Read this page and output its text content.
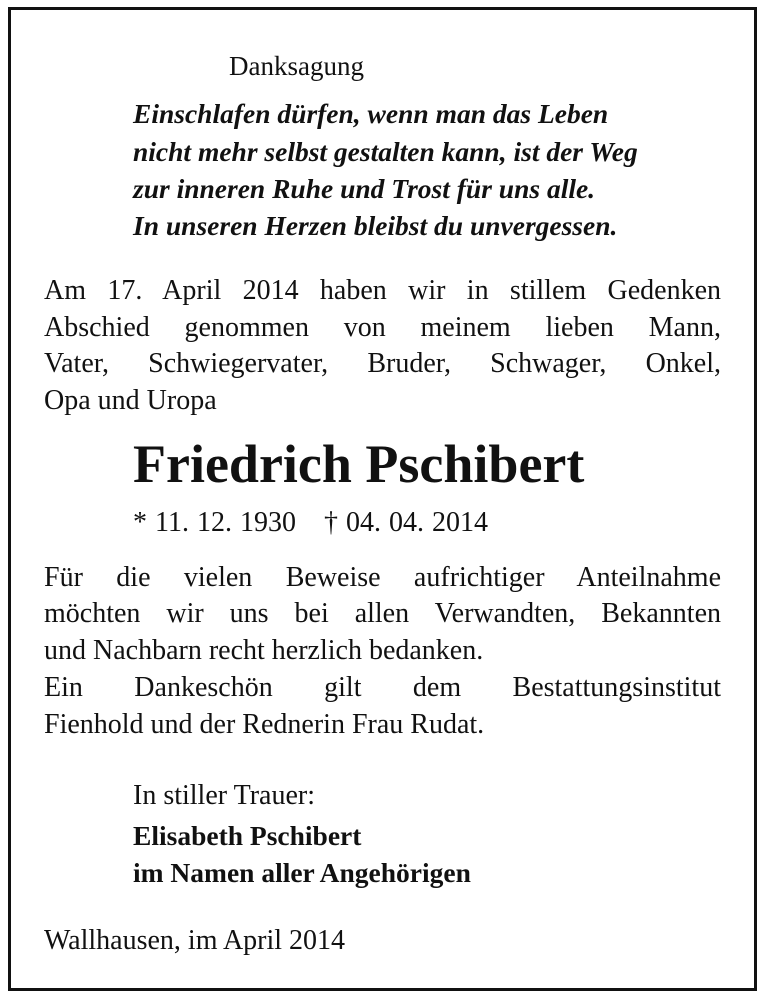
Danksagung
Einschlafen dürfen, wenn man das Leben
nicht mehr selbst gestalten kann, ist der Weg
zur inneren Ruhe und Trost für uns alle.
In unseren Herzen bleibst du unvergessen.
Am 17. April 2014 haben wir in stillem Gedenken
Abschied genommen von meinem lieben Mann,
Vater, Schwiegervater, Bruder, Schwager, Onkel,
Opa und Uropa
Friedrich Pschibert
* 11. 12. 1930 † 04. 04. 2014
Für die vielen Beweise aufrichtiger Anteilnahme
möchten wir uns bei allen Verwandten, Bekannten
und Nachbarn recht herzlich bedanken.
Ein Dankeschön gilt dem Bestattungsinstitut
Fienhold und der Rednerin Frau Rudat.
In stiller Trauer:
Elisabeth Pschibert
im Namen aller Angehörigen
Wallhausen, im April 2014
